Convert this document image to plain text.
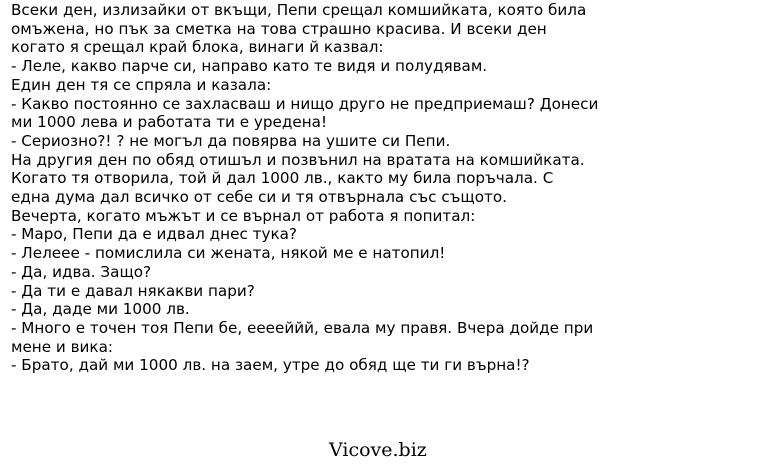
Всеки ден, излизайки от вкъщи, Пепи срещал комшийката, която била
омъжена, но пък за сметка на това страшно красива. И всеки ден
когато я срещал край блока, винаги й казвал:
- Леле, какво парче си, направо като те видя и полудявам.
Един ден тя се спряла и казала:
- Какво постоянно се захласваш и нищо друго не предприемаш? Донеси
ми 1000 лева и работата ти е уредена!
- Сериозно?! ? не могъл да повярва на ушите си Пепи.
На другия ден по обяд отишъл и позвънил на вратата на комшийката.
Когато тя отворила, той й дал 1000 лв., както му била поръчала. С
една дума дал всичко от себе си и тя отвърнала със същото.
Вечерта, когато мъжът и се върнал от работа я попитал:
- Маро, Пепи да е идвал днес тука?
- Лелеее - помислила си жената, някой ме е натопил!
- Да, идва. Защо?
- Да ти е давал някакви пари?
- Да, даде ми 1000 лв.
- Много е точен тоя Пепи бе, ееееййй, евала му правя. Вчера дойде при
мене и вика:
- Брато, дай ми 1000 лв. на заем, утре до обяд ще ти ги върна!?
Vicove.biz
